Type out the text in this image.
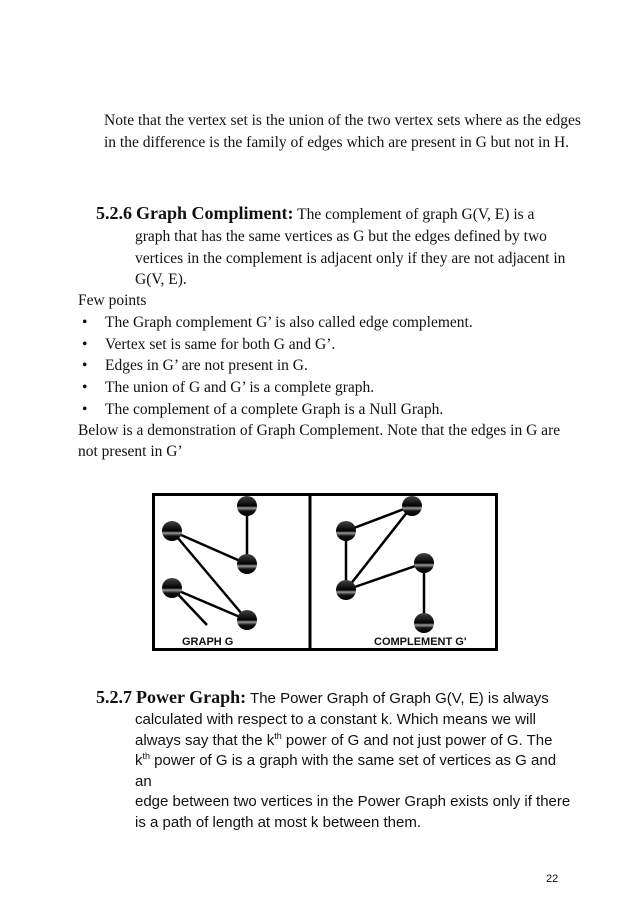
Note that the vertex set is the union of the two vertex sets where as the edges in the difference is the family of edges which are present in G but not in H.
5.2.6 Graph Compliment: The complement of graph G(V, E) is a
graph that has the same vertices as G but the edges defined by two vertices in the complement is adjacent only if they are not adjacent in G(V, E).
Few points
• The Graph complement G’ is also called edge complement.
• Vertex set is same for both G and G’.
• Edges in G’ are not present in G.
• The union of G and G’ is a complete graph.
• The complement of a complete Graph is a Null Graph.
Below is a demonstration of Graph Complement. Note that the edges in G are not present in G’
GRAPH G	COMPLEMENT G'
5.2.7 Power Graph: The Power Graph of Graph G(V, E) is always
calculated with respect to a constant k. Which means we will
always say that the $k^{th}$ power of G and not just power of G. The
$k^{th}$ power of G is a graph with the same set of vertices as G and an
edge between two vertices in the Power Graph exists only if there
is a path of length at most k between them.
22
